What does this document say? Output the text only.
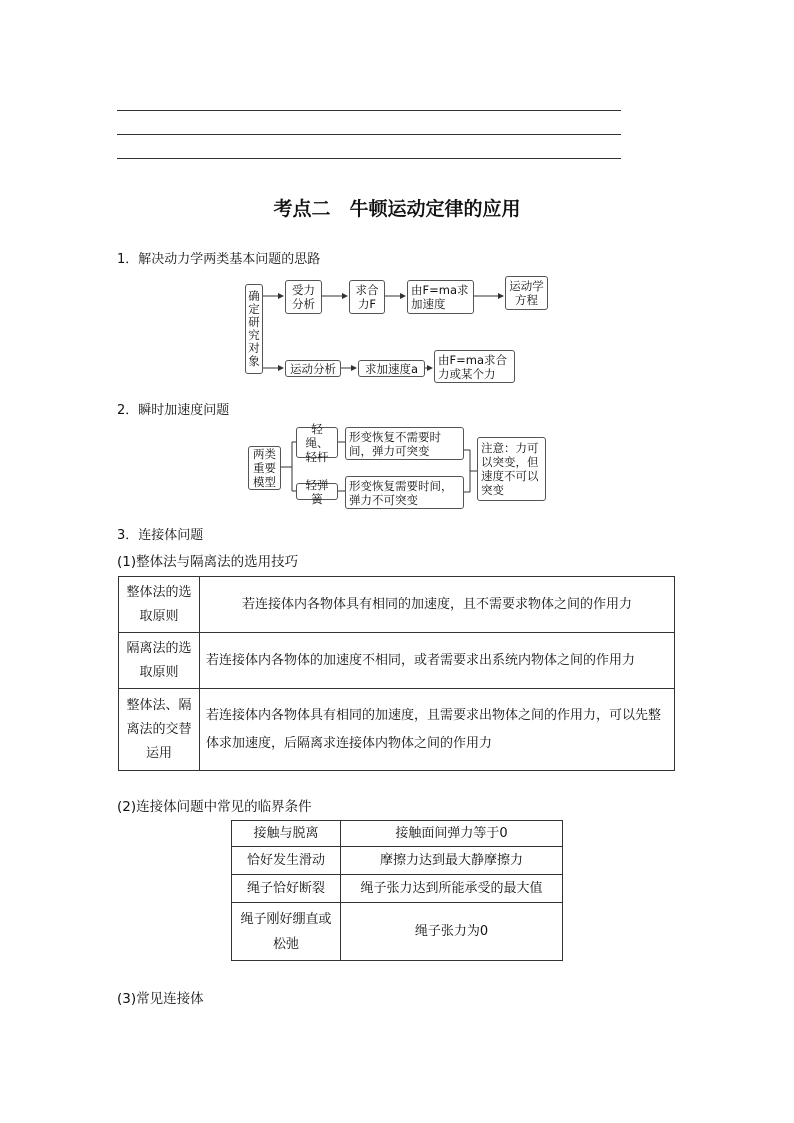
考点二　牛顿运动定律的应用
1．解决动力学两类基本问题的思路
确定研究对象
受力分析
求合力F
由F=ma求加速度
运动学方程
运动分析	求加速度a
由F=ma求合力或某个力
2．瞬时加速度问题
两类重要模型
轻绳、轻杆
轻弹簧
形变恢复不需要时间，弹力可突变
形变恢复需要时间，弹力不可突变
注意：力可以突变，但速度不可以突变
3．连接体问题
(1)整体法与隔离法的选用技巧
整体法的选取原则	若连接体内各物体具有相同的加速度，且不需要求物体之间的作用力
隔离法的选取原则	若连接体内各物体的加速度不相同，或者需要求出系统内物体之间的作用力
整体法、隔离法的交替运用	若连接体内各物体具有相同的加速度，且需要求出物体之间的作用力，可以先整体求加速度，后隔离求连接体内物体之间的作用力
(2)连接体问题中常见的临界条件
接触与脱离	接触面间弹力等于0
恰好发生滑动	摩擦力达到最大静摩擦力
绳子恰好断裂	绳子张力达到所能承受的最大值
绳子刚好绷直或松弛	绳子张力为0
(3)常见连接体
